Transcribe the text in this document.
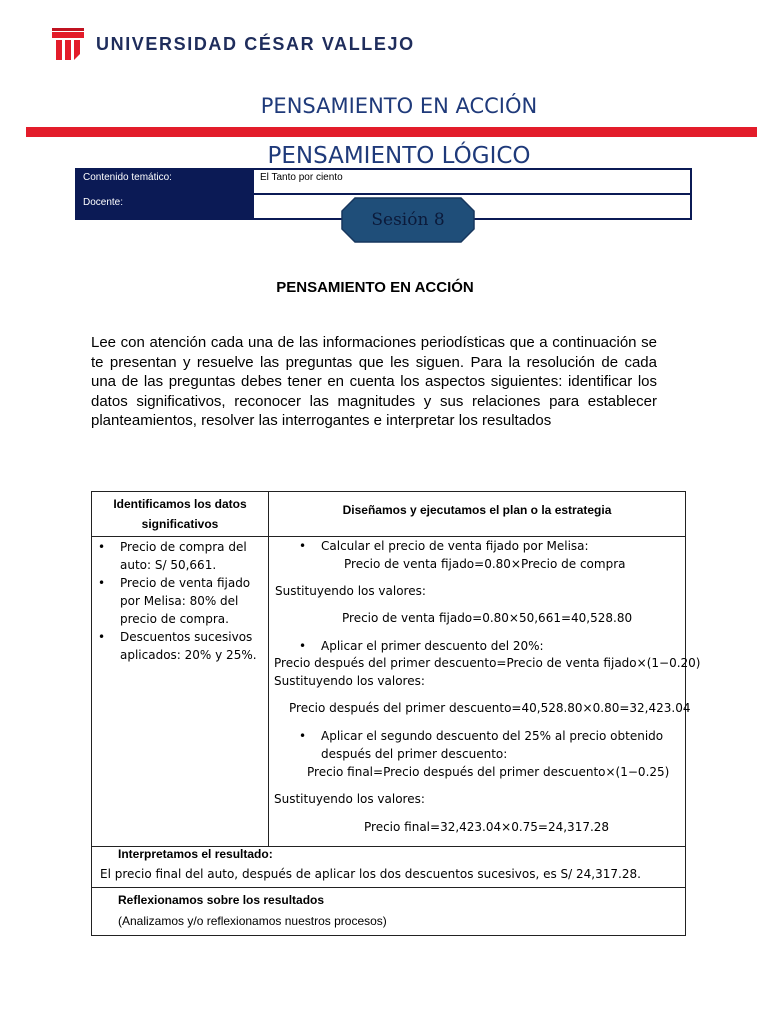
UNIVERSIDAD CÉSAR VALLEJO
PENSAMIENTO EN ACCIÓN
PENSAMIENTO LÓGICO
Contenido temático:	El Tanto por ciento
Docente:
Sesión 8
PENSAMIENTO EN ACCIÓN
Lee con atención cada una de las informaciones periodísticas que a continuación se te presentan y resuelve las preguntas que les siguen. Para la resolución de cada una de las preguntas debes tener en cuenta los aspectos siguientes: identificar los datos significativos, reconocer las magnitudes y sus relaciones para establecer planteamientos, resolver las interrogantes e interpretar los resultados
Identificamos los datos significativos
Diseñamos y ejecutamos el plan o la estrategia
• Precio de compra del auto: S/ 50,661.
• Precio de venta fijado por Melisa: 80% del precio de compra.
• Descuentos sucesivos aplicados: 20% y 25%.
• Calcular el precio de venta fijado por Melisa:
Precio de venta fijado=0.80×Precio de compra
Sustituyendo los valores:
Precio de venta fijado=0.80×50,661=40,528.80
• Aplicar el primer descuento del 20%:
Precio después del primer descuento=Precio de venta fijado×(1−0.20)
Sustituyendo los valores:
Precio después del primer descuento=40,528.80×0.80=32,423.04
• Aplicar el segundo descuento del 25% al precio obtenido
después del primer descuento:
Precio final=Precio después del primer descuento×(1−0.25)
Sustituyendo los valores:
Precio final=32,423.04×0.75=24,317.28
Interpretamos el resultado:
El precio final del auto, después de aplicar los dos descuentos sucesivos, es S/ 24,317.28.
Reflexionamos sobre los resultados
(Analizamos y/o reflexionamos nuestros procesos)
